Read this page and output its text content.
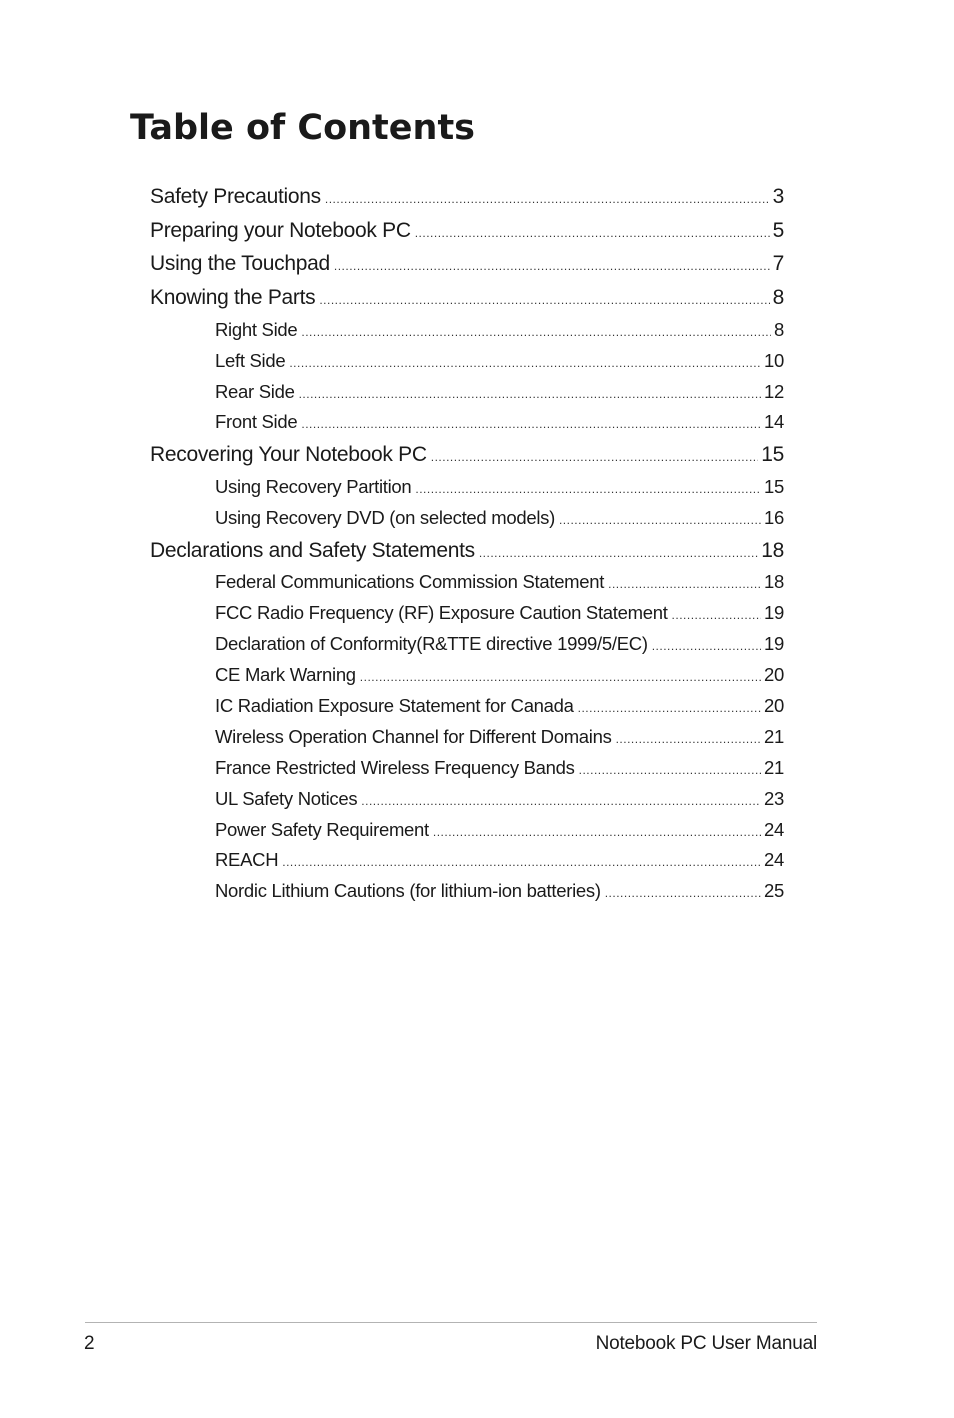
Table of Contents
Safety Precautions .....	3
Preparing your Notebook PC .....	5
Using the Touchpad .....	7
Knowing the Parts .....	8
Right Side .....	8
Left Side .....	10
Rear Side .....	12
Front Side .....	14
Recovering Your Notebook PC .....	15
Using Recovery Partition .....	15
Using Recovery DVD (on selected models) .....	16
Declarations and Safety Statements .....	18
Federal Communications Commission Statement .....	18
FCC Radio Frequency (RF) Exposure Caution Statement .....	19
Declaration of Conformity(R&TTE directive 1999/5/EC) .....	19
CE Mark Warning .....	20
IC Radiation Exposure Statement for Canada .....	20
Wireless Operation Channel for Different Domains .....	21
France Restricted Wireless Frequency Bands .....	21
UL Safety Notices .....	23
Power Safety Requirement .....	24
REACH .....	24
Nordic Lithium Cautions (for lithium-ion batteries) .....	25
2	Notebook PC User Manual
